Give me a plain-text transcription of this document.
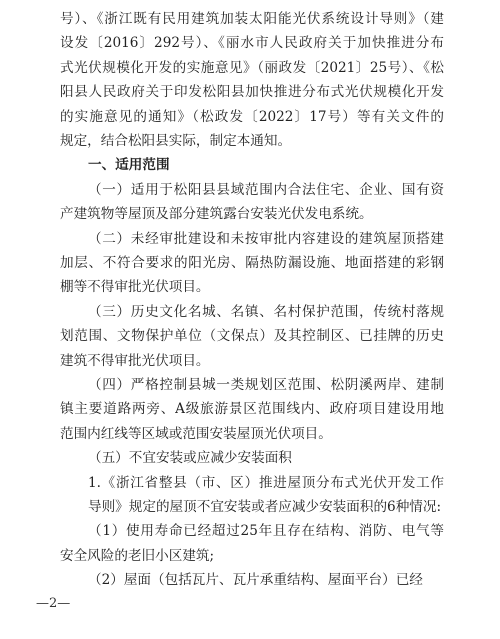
号）、《浙江既有民用建筑加装太阳能光伏系统设计导则》（建
设发〔2016〕292号）、《丽水市人民政府关于加快推进分布
式光伏规模化开发的实施意见》（丽政发〔2021〕25号）、《松
阳县人民政府关于印发松阳县加快推进分布式光伏规模化开发
的实施意见的通知》（松政发〔2022〕17号）等有关文件的
规定，结合松阳县实际，制定本通知。
一、适用范围
（一）适用于松阳县县域范围内合法住宅、企业、国有资
产建筑物等屋顶及部分建筑露台安装光伏发电系统。
（二）未经审批建设和未按审批内容建设的建筑屋顶搭建
加层、不符合要求的阳光房、隔热防漏设施、地面搭建的彩钢
棚等不得审批光伏项目。
（三）历史文化名城、名镇、名村保护范围，传统村落规
划范围、文物保护单位（文保点）及其控制区、已挂牌的历史
建筑不得审批光伏项目。
（四）严格控制县城一类规划区范围、松阴溪两岸、建制
镇主要道路两旁、A级旅游景区范围线内、政府项目建设用地
范围内红线等区域或范围安装屋顶光伏项目。
（五）不宜安装或应减少安装面积
1.《浙江省整县（市、区）推进屋顶分布式光伏开发工作
导则》规定的屋顶不宜安装或者应减少安装面积的6种情况:
（1）使用寿命已经超过25年且存在结构、消防、电气等
安全风险的老旧小区建筑;
（2）屋面（包括瓦片、瓦片承重结构、屋面平台）已经
—2—
